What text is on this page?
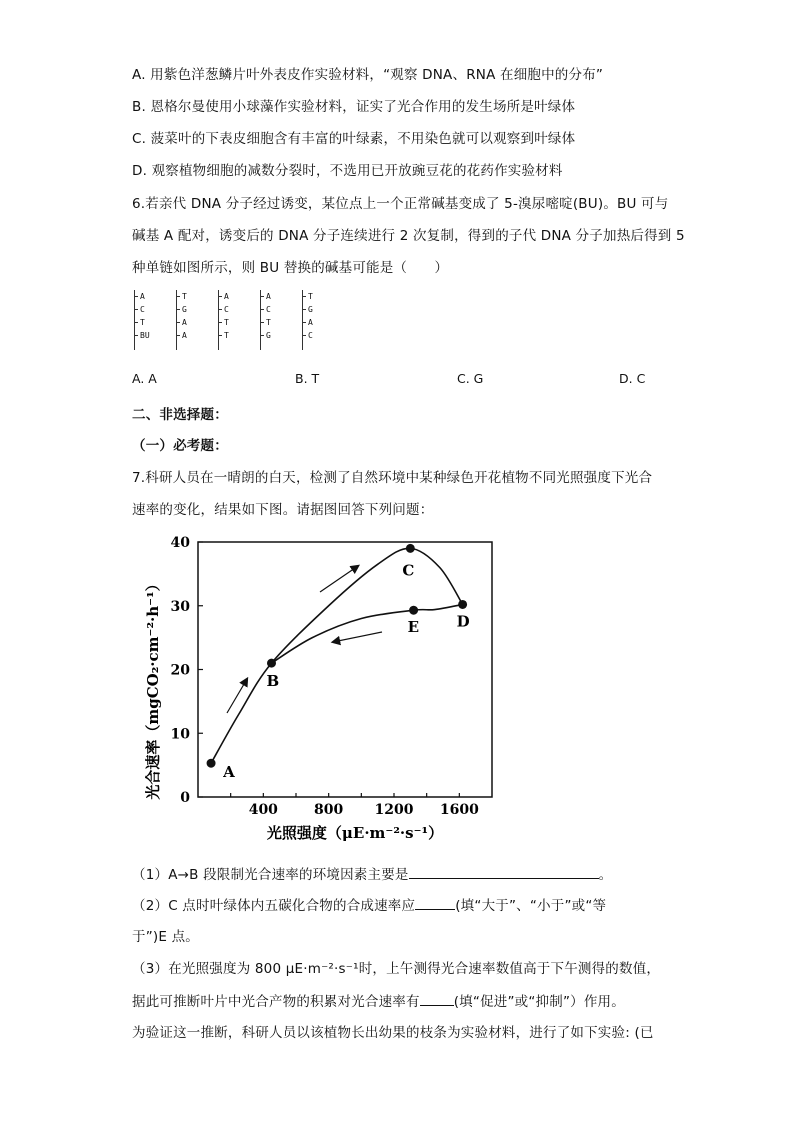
A. 用紫色洋葱鳞片叶外表皮作实验材料，“观察 DNA、RNA 在细胞中的分布”
B. 恩格尔曼使用小球藻作实验材料，证实了光合作用的发生场所是叶绿体
C. 菠菜叶的下表皮细胞含有丰富的叶绿素，不用染色就可以观察到叶绿体
D. 观察植物细胞的减数分裂时，不选用已开放豌豆花的花药作实验材料
6.若亲代 DNA 分子经过诱变，某位点上一个正常碱基变成了 5-溴尿嘧啶(BU)。BU 可与
碱基 A 配对，诱变后的 DNA 分子连续进行 2 次复制，得到的子代 DNA 分子加热后得到 5
种单链如图所示，则 BU 替换的碱基可能是（　　）
A
C
T
BU
T
G
A
A
A
C
T
T
A
C
T
G
T
G
A
C
A. A	B. T	C. G	D. C
二、非选择题：
（一）必考题：
7.科研人员在一晴朗的白天，检测了自然环境中某种绿色开花植物不同光照强度下光合
速率的变化，结果如下图。请据图回答下列问题：
0
10
20
30
40
400	800 1200 1600
A
B
C
D
E
光合速率（mgCO₂·cm⁻²·h⁻¹）
光照强度（μE·m⁻²·s⁻¹）
（1）A→B 段限制光合速率的环境因素主要是	。
（2）C 点时叶绿体内五碳化合物的合成速率应	(填“大于”、“小于”或“等
于”)E 点。
（3）在光照强度为 800 μE·m⁻²·s⁻¹时，上午测得光合速率数值高于下午测得的数值，
据此可推断叶片中光合产物的积累对光合速率有	(填“促进”或“抑制”）作用。
为验证这一推断，科研人员以该植物长出幼果的枝条为实验材料，进行了如下实验: (已
